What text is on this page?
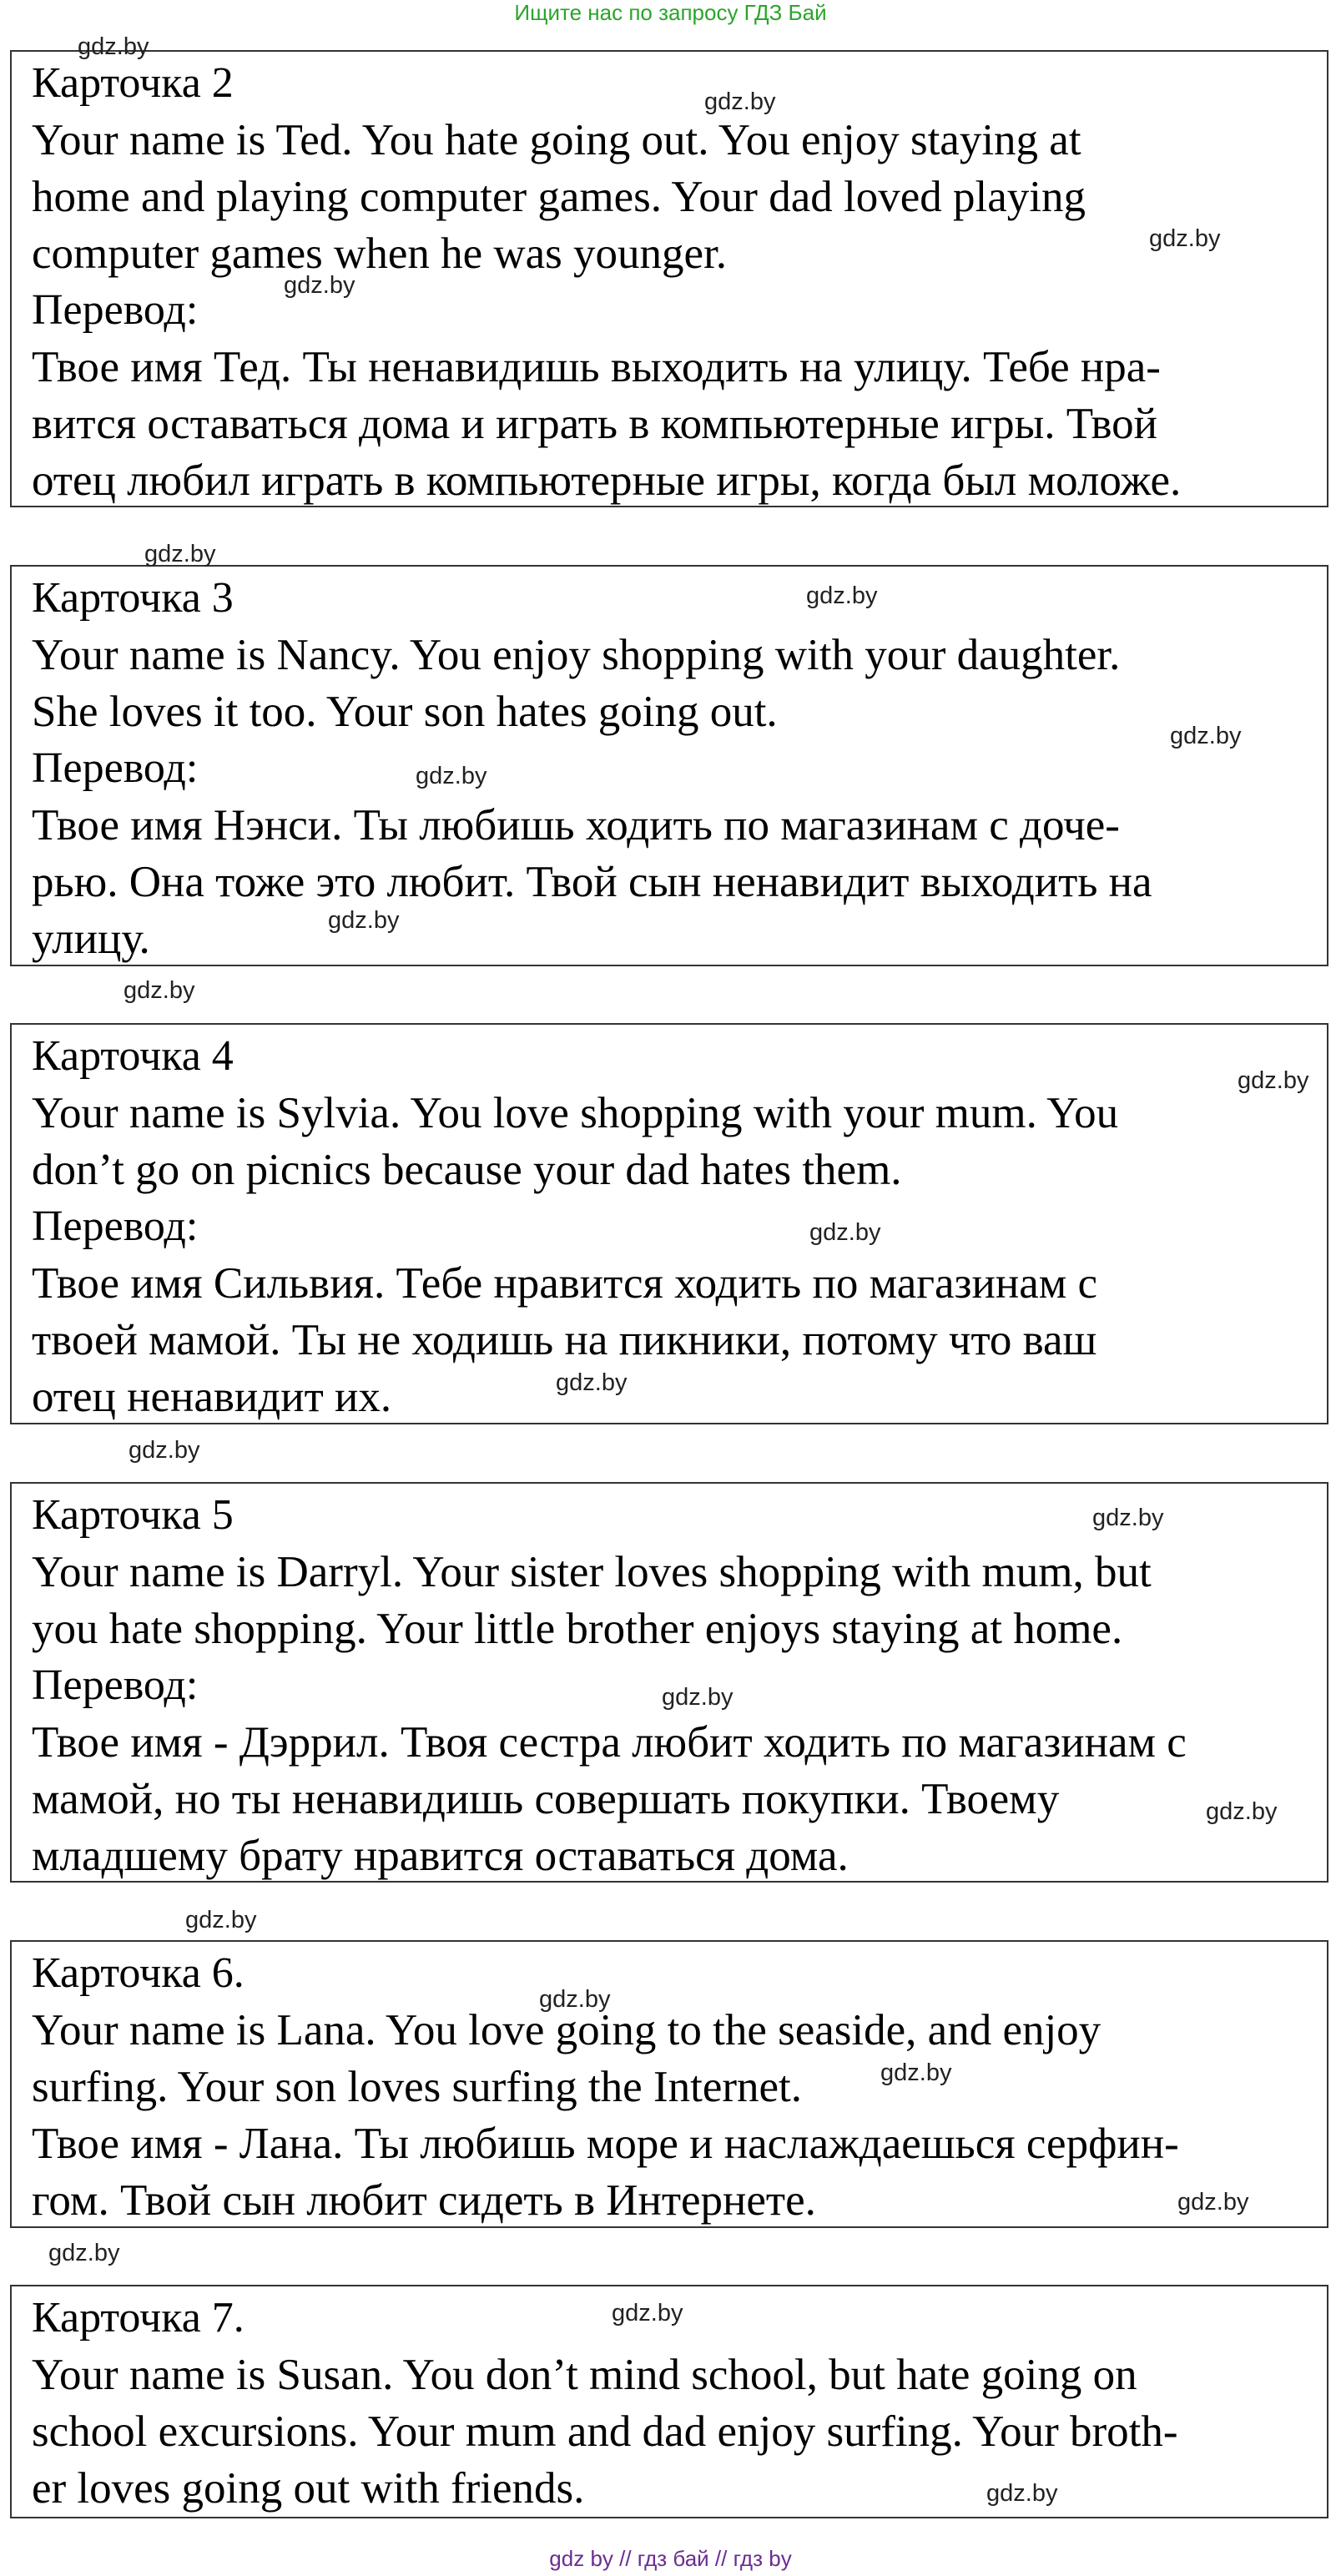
Ищите нас по запросу ГДЗ Бай
Карточка 2
Your name is Ted. You hate going out. You enjoy staying at
home and playing computer games. Your dad loved playing
computer games when he was younger.
Перевод:
Твое имя Тед. Ты ненавидишь выходить на улицу. Тебе нра-
вится оставаться дома и играть в компьютерные игры. Твой
отец любил играть в компьютерные игры, когда был моложе.
Карточка 3
Your name is Nancy. You enjoy shopping with your daughter.
She loves it too. Your son hates going out.
Перевод:
Твое имя Нэнси. Ты любишь ходить по магазинам с доче-
рью. Она тоже это любит. Твой сын ненавидит выходить на
улицу.
Карточка 4
Your name is Sylvia. You love shopping with your mum. You
don’t go on picnics because your dad hates them.
Перевод:
Твое имя Сильвия. Тебе нравится ходить по магазинам с
твоей мамой. Ты не ходишь на пикники, потому что ваш
отец ненавидит их.
Карточка 5
Your name is Darryl. Your sister loves shopping with mum, but
you hate shopping. Your little brother enjoys staying at home.
Перевод:
Твое имя - Дэррил. Твоя сестра любит ходить по магазинам с
мамой, но ты ненавидишь совершать покупки. Твоему
младшему брату нравится оставаться дома.
Карточка 6.
Your name is Lana. You love going to the seaside, and enjoy
surfing. Your son loves surfing the Internet.
Твое имя - Лана. Ты любишь море и наслаждаешься серфин-
гом. Твой сын любит сидеть в Интернете.
Карточка 7.
Your name is Susan. You don’t mind school, but hate going on
school excursions. Your mum and dad enjoy surfing. Your broth-
er loves going out with friends.
gdz.by
gdz.by
gdz.by
gdz.by
gdz.by
gdz.by
gdz.by
gdz.by
gdz.by
gdz.by
gdz.by
gdz.by
gdz.by
gdz.by
gdz.by
gdz.by
gdz.by
gdz.by
gdz.by
gdz.by
gdz.by
gdz.by
gdz.by
gdz.by
gdz by // гдз бай // гдз by
